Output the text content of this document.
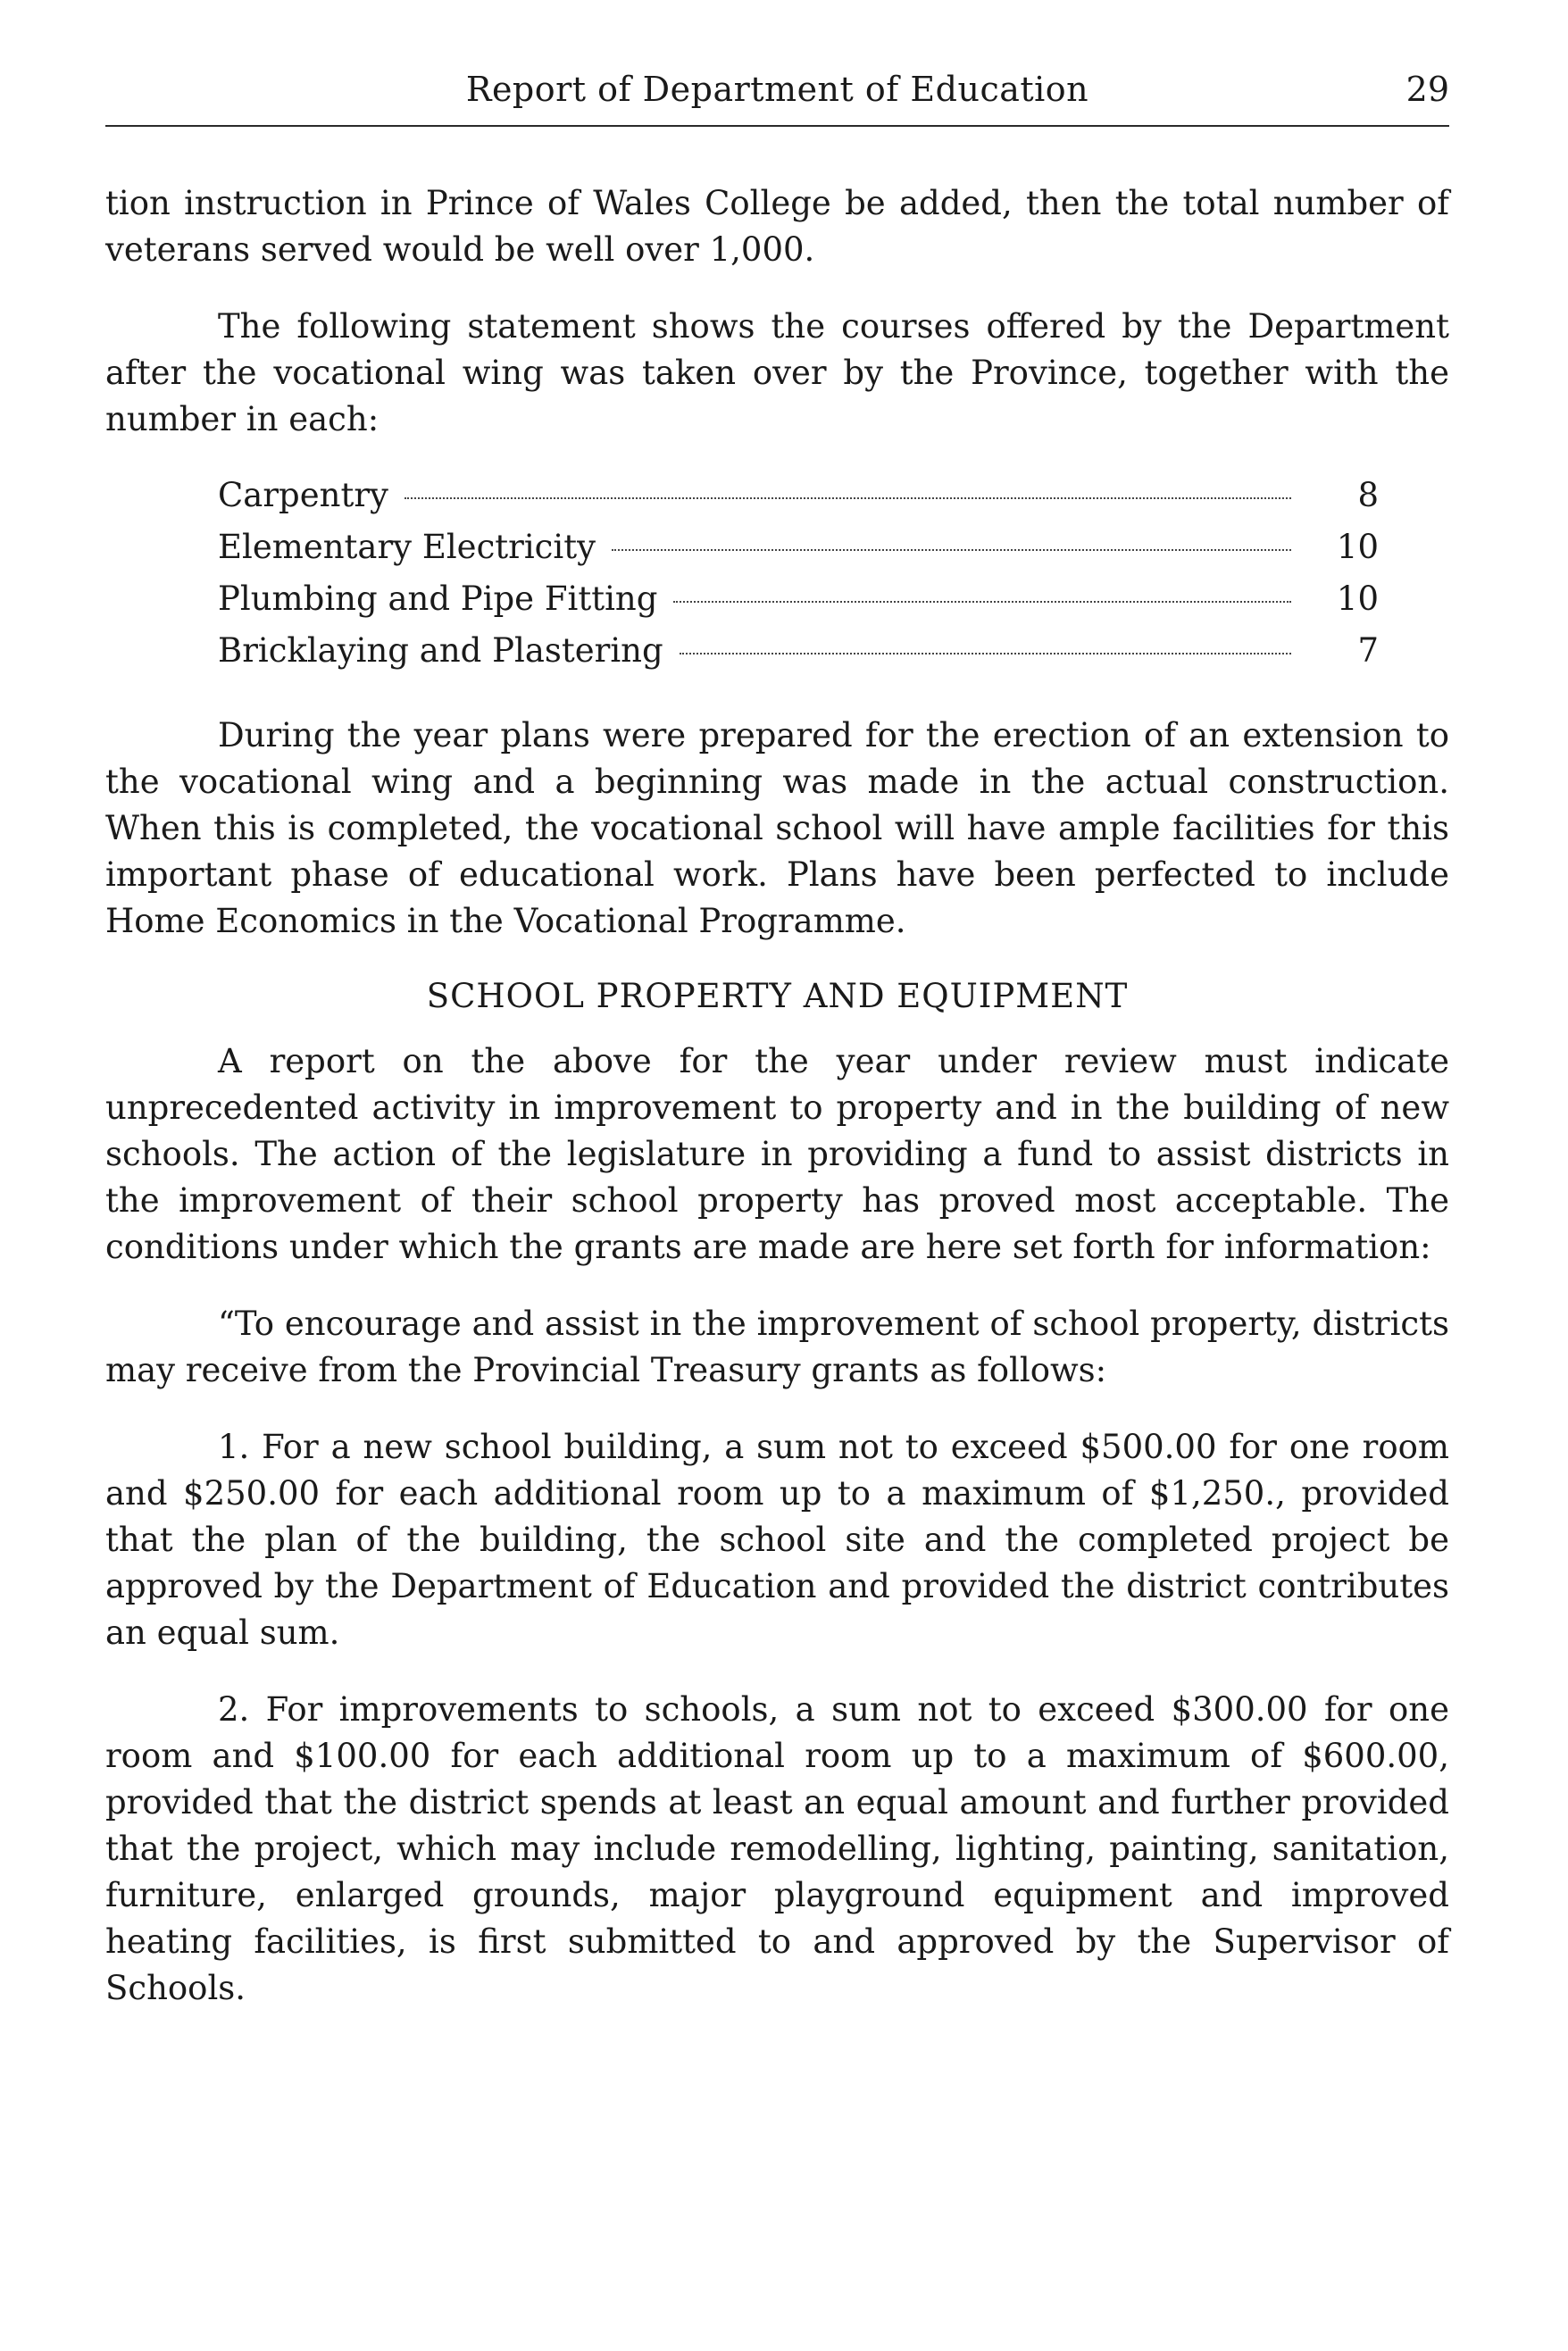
Report of Department of Education	29

tion instruction in Prince of Wales College be added, then the total number of veterans served would be well over 1,000.

The following statement shows the courses offered by the Department after the vocational wing was taken over by the Province, together with the number in each:

Carpentry	8
Elementary Electricity	10
Plumbing and Pipe Fitting	10
Bricklaying and Plastering	7

During the year plans were prepared for the erection of an extension to the vocational wing and a beginning was made in the actual construction. When this is completed, the vocational school will have ample facilities for this important phase of educational work. Plans have been perfected to include Home Economics in the Vocational Programme.

SCHOOL PROPERTY AND EQUIPMENT

A report on the above for the year under review must indicate unprecedented activity in improvement to property and in the building of new schools. The action of the legislature in providing a fund to assist districts in the improvement of their school property has proved most acceptable. The conditions under which the grants are made are here set forth for information:

“To encourage and assist in the improvement of school property, districts may receive from the Provincial Treasury grants as follows:

1. For a new school building, a sum not to exceed $500.00 for one room and $250.00 for each additional room up to a maximum of $1,250., provided that the plan of the building, the school site and the completed project be approved by the Department of Education and provided the district contributes an equal sum.

2. For improvements to schools, a sum not to exceed $300.00 for one room and $100.00 for each additional room up to a maximum of $600.00, provided that the district spends at least an equal amount and further provided that the project, which may include remodelling, lighting, painting, sanitation, furniture, enlarged grounds, major playground equipment and improved heating facilities, is first submitted to and approved by the Supervisor of Schools.
